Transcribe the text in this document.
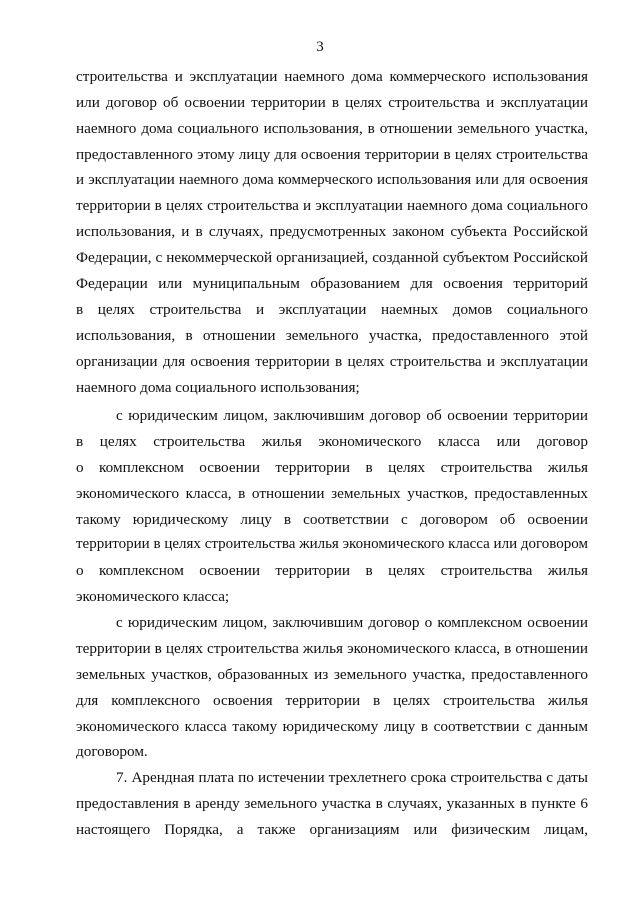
3
строительства и эксплуатации наемного дома коммерческого использования
или договор об освоении территории в целях строительства и эксплуатации
наемного дома социального использования, в отношении земельного участка,
предоставленного этому лицу для освоения территории в целях строительства
и эксплуатации наемного дома коммерческого использования или для освоения
территории в целях строительства и эксплуатации наемного дома социального
использования, и в случаях, предусмотренных законом субъекта Российской
Федерации, с некоммерческой организацией, созданной субъектом Российской
Федерации или муниципальным образованием для освоения территорий
в целях строительства и эксплуатации наемных домов социального
использования, в отношении земельного участка, предоставленного этой
организации для освоения территории в целях строительства и эксплуатации
наемного дома социального использования;
с юридическим лицом, заключившим договор об освоении территории
в целях строительства жилья экономического класса или договор
о комплексном освоении территории в целях строительства жилья
экономического класса, в отношении земельных участков, предоставленных
такому юридическому лицу в соответствии с договором об освоении
территории в целях строительства жилья экономического класса или договором
о комплексном освоении территории в целях строительства жилья
экономического класса;
с юридическим лицом, заключившим договор о комплексном освоении
территории в целях строительства жилья экономического класса, в отношении
земельных участков, образованных из земельного участка, предоставленного
для комплексного освоения территории в целях строительства жилья
экономического класса такому юридическому лицу в соответствии с данным
договором.
7. Арендная плата по истечении трехлетнего срока строительства с даты
предоставления в аренду земельного участка в случаях, указанных в пункте 6
настоящего Порядка, а также организациям или физическим лицам,
